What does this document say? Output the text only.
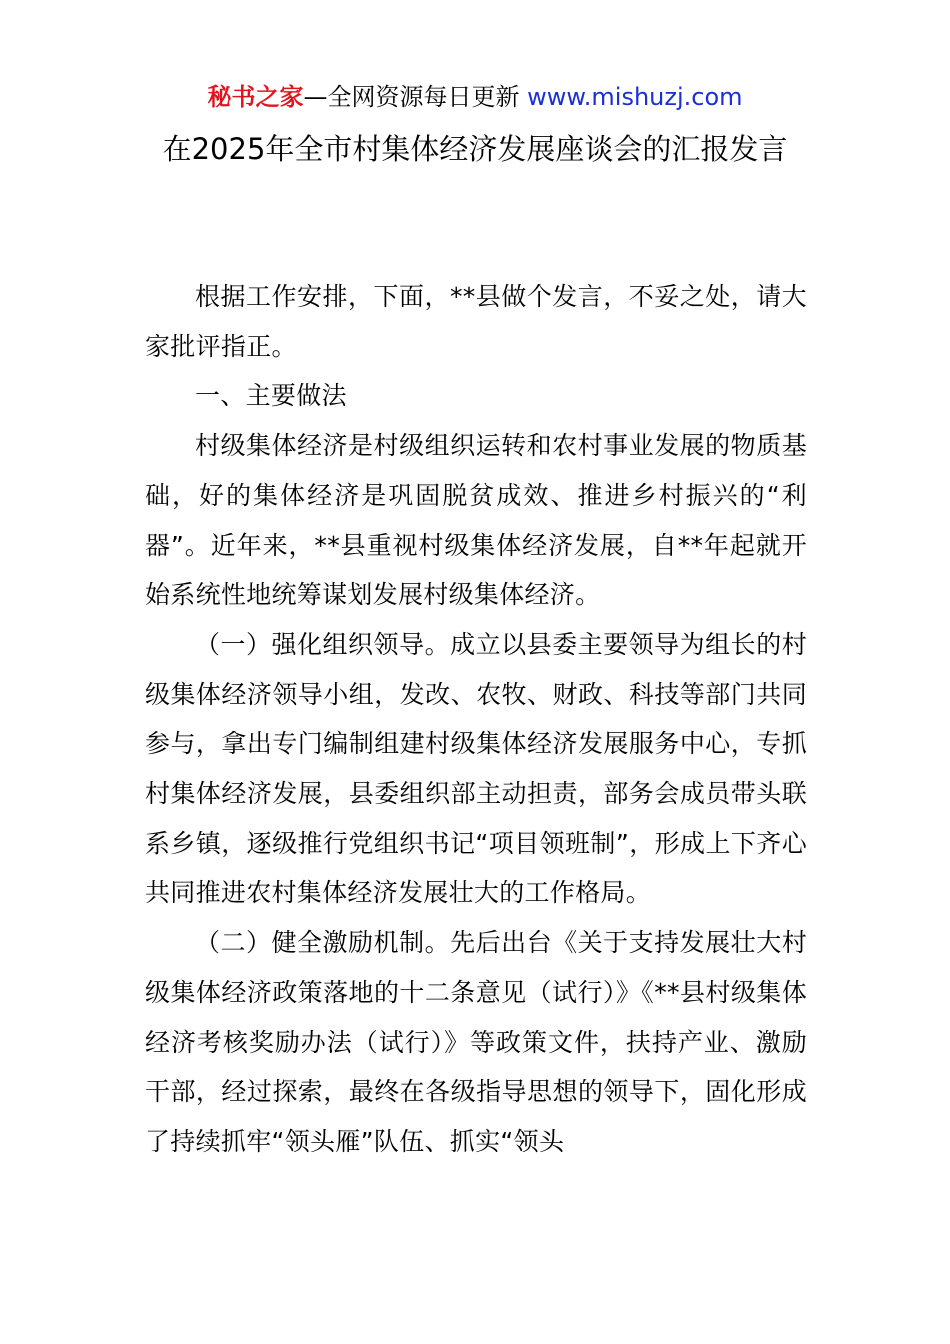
秘书之家—全网资源每日更新 www.mishuzj.com
在2025年全市村集体经济发展座谈会的汇报发言

根据工作安排，下面，**县做个发言，不妥之处，请大家批评指正。

一、主要做法

村级集体经济是村级组织运转和农村事业发展的物质基础，好的集体经济是巩固脱贫成效、推进乡村振兴的“利器”。近年来，**县重视村级集体经济发展，自**年起就开始系统性地统筹谋划发展村级集体经济。

（一）强化组织领导。成立以县委主要领导为组长的村级集体经济领导小组，发改、农牧、财政、科技等部门共同参与，拿出专门编制组建村级集体经济发展服务中心，专抓村集体经济发展，县委组织部主动担责，部务会成员带头联系乡镇，逐级推行党组织书记“项目领班制”，形成上下齐心共同推进农村集体经济发展壮大的工作格局。

（二）健全激励机制。先后出台《关于支持发展壮大村级集体经济政策落地的十二条意见（试行）》《**县村级集体经济考核奖励办法（试行）》等政策文件，扶持产业、激励干部，经过探索，最终在各级指导思想的领导下，固化形成了持续抓牢“领头雁”队伍、抓实“领头
